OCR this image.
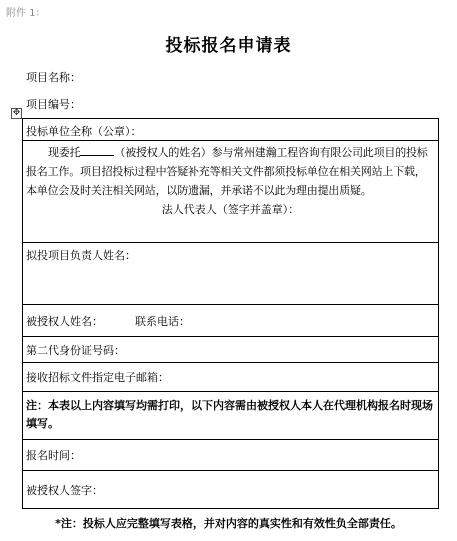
附件 1：
投标报名申请表
项目名称：
项目编号：
✥
投标单位全称（公章）：

现委托	（被授权人的姓名）参与常州建瀚工程咨询有限公司此项目的投标报名工作。项目招投标过程中答疑补充等相关文件都须投标单位在相关网站上下载，本单位会及时关注相关网站，以防遗漏，并承诺不以此为理由提出质疑。

法人代表人（签字并盖章）：

拟投项目负责人姓名：
被授权人姓名：	联系电话：
第二代身份证号码：
接收招标文件指定电子邮箱：

注：本表以上内容填写均需打印，以下内容需由被授权人本人在代理机构报名时现场填写。

报名时间：
被授权人签字：
*注：投标人应完整填写表格，并对内容的真实性和有效性负全部责任。
